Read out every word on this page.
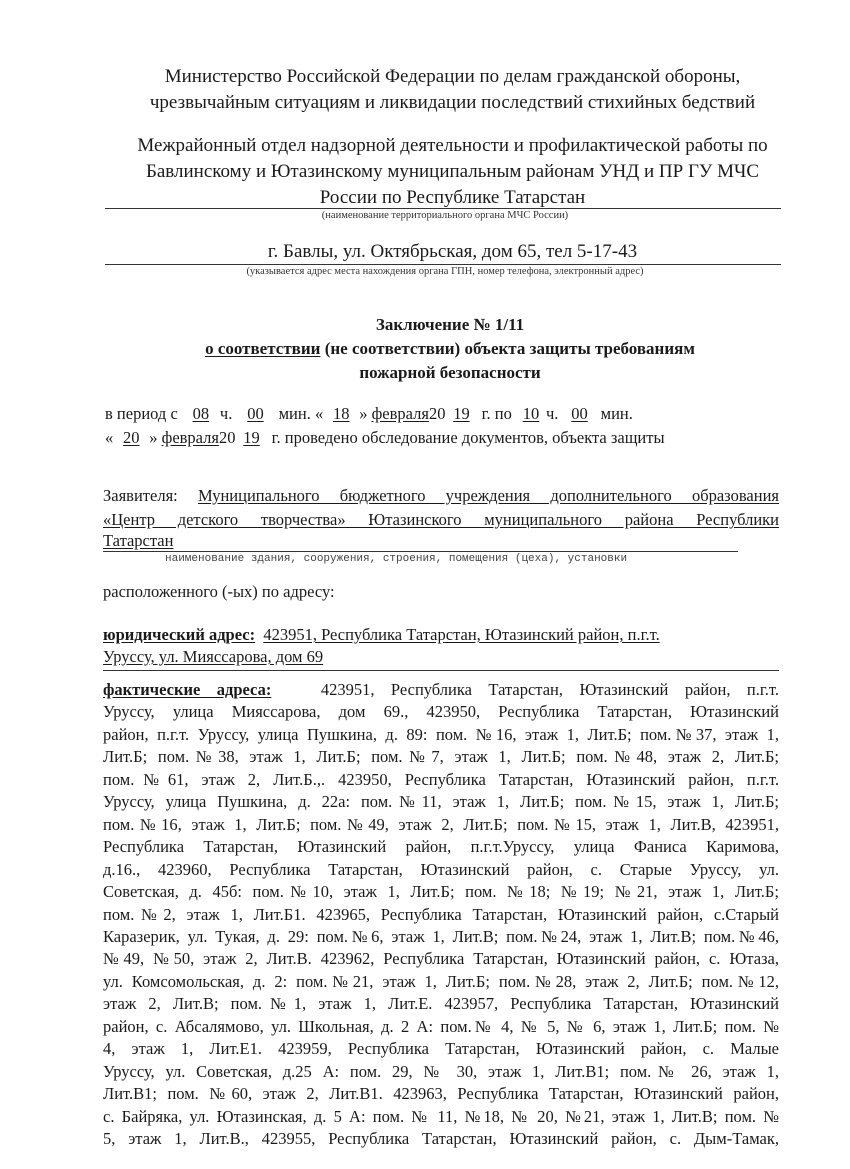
Министерство Российской Федерации по делам гражданской обороны,
чрезвычайным ситуациям и ликвидации последствий стихийных бедствий
Межрайонный отдел надзорной деятельности и профилактической работы по
Бавлинскому и Ютазинскому муниципальным районам УНД и ПР ГУ МЧС
России по Республике Татарстан
(наименование территориального органа МЧС России)
г. Бавлы, ул. Октябрьская, дом 65, тел 5-17-43
(указывается адрес места нахождения органа ГПН, номер телефона, электронный адрес)
Заключение № 1/11
о соответствии (не соответствии) объекта защиты требованиям
пожарной безопасности
в период с 08 ч. 00 мин. « 18 » февраля20 19 г. по 10 ч. 00 мин.
« 20 » февраля20 19 г. проведено обследование документов, объекта защиты
Заявителя: Муниципального бюджетного учреждения дополнительного образования
«Центр детского творчества» Ютазинского муниципального района Республики
Татарстан
наименование здания, сооружения, строения, помещения (цеха), установки
расположенного (-ых) по адресу:
юридический адрес: 423951, Республика Татарстан, Ютазинский район, п.г.т.
Уруссу, ул. Мияссарова, дом 69
фактические адреса:	423951, Республика Татарстан, Ютазинский район, п.г.т.
Уруссу, улица Мияссарова, дом 69., 423950, Республика Татарстан, Ютазинский
район, п.г.т. Уруссу, улица Пушкина, д. 89: пом. №16, этаж 1, Лит.Б; пом.№37, этаж 1,
Лит.Б; пом.№38, этаж 1, Лит.Б; пом.№7, этаж 1, Лит.Б; пом.№48, этаж 2, Лит.Б;
пом.№61, этаж 2, Лит.Б.,. 423950, Республика Татарстан, Ютазинский район, п.г.т.
Уруссу, улица Пушкина, д. 22а: пом.№11, этаж 1, Лит.Б; пом.№15, этаж 1, Лит.Б;
пом.№16, этаж 1, Лит.Б; пом.№49, этаж 2, Лит.Б; пом.№15, этаж 1, Лит.В, 423951,
Республика Татарстан, Ютазинский район, п.г.т.Уруссу, улица Фаниса Каримова,
д.16., 423960, Республика Татарстан, Ютазинский район, с. Старые Уруссу, ул.
Советская, д. 45б: пом.№10, этаж 1, Лит.Б; пом. №18; №19; №21, этаж 1, Лит.Б;
пом.№2, этаж 1, Лит.Б1. 423965, Республика Татарстан, Ютазинский район, с.Старый
Каразерик, ул. Тукая, д. 29: пом.№6, этаж 1, Лит.В; пом.№24, этаж 1, Лит.В; пом.№46,
№49, №50, этаж 2, Лит.В. 423962, Республика Татарстан, Ютазинский район, с. Ютаза,
ул. Комсомольская, д. 2: пом.№21, этаж 1, Лит.Б; пом.№28, этаж 2, Лит.Б; пом.№12,
этаж 2, Лит.В; пом.№1, этаж 1, Лит.Е. 423957, Республика Татарстан, Ютазинский
район, с. Абсалямово, ул. Школьная, д. 2 А: пом.№ 4, № 5, № 6, этаж 1, Лит.Б; пом. №
4, этаж 1, Лит.Е1. 423959, Республика Татарстан, Ютазинский район, с. Малые
Уруссу, ул. Советская, д.25 А: пом. 29, № 30, этаж 1, Лит.В1; пом.№ 26, этаж 1,
Лит.В1; пом. №60, этаж 2, Лит.В1. 423963, Республика Татарстан, Ютазинский район,
с. Байряка, ул. Ютазинская, д. 5 А: пом. № 11, №18, № 20, №21, этаж 1, Лит.В; пом. №
5, этаж 1, Лит.В., 423955, Республика Татарстан, Ютазинский район, с. Дым-Тамак,
